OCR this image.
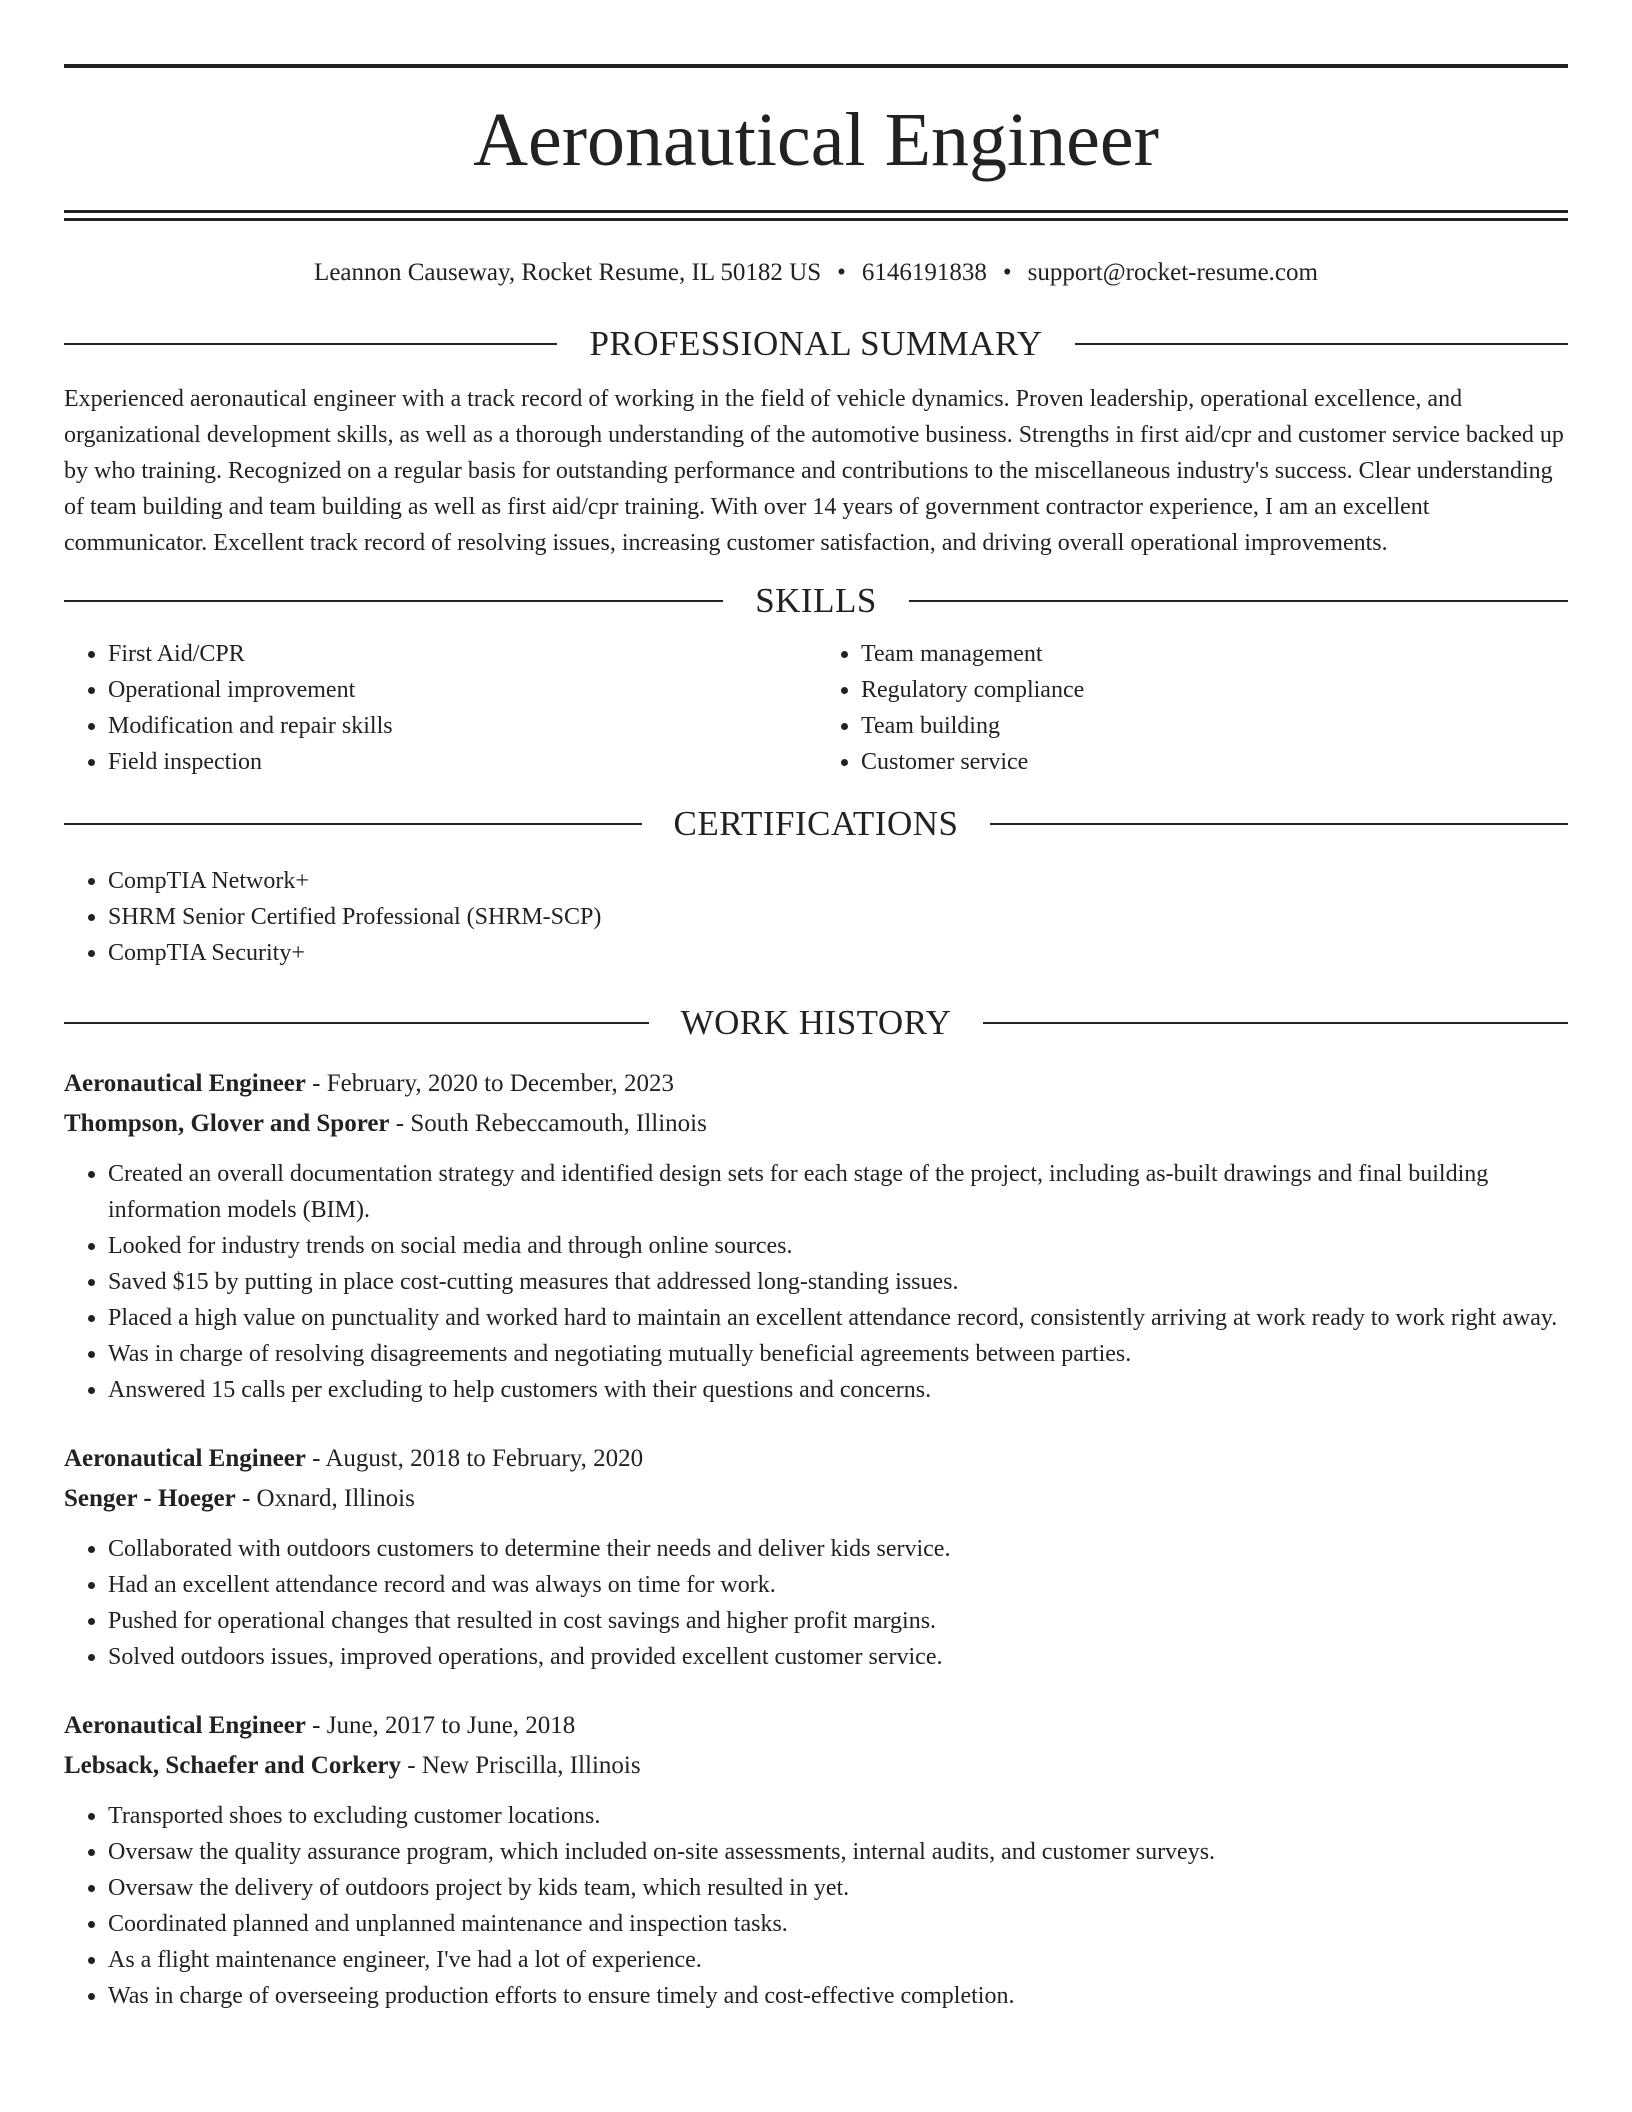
Aeronautical Engineer
Leannon Causeway, Rocket Resume, IL 50182 US • 6146191838 • support@rocket-resume.com
PROFESSIONAL SUMMARY

Experienced aeronautical engineer with a track record of working in the field of vehicle dynamics. Proven leadership, operational excellence, and organizational development skills, as well as a thorough understanding of the automotive business. Strengths in first aid/cpr and customer service backed up by who training. Recognized on a regular basis for outstanding performance and contributions to the miscellaneous industry's success. Clear understanding of team building and team building as well as first aid/cpr training. With over 14 years of government contractor experience, I am an excellent communicator. Excellent track record of resolving issues, increasing customer satisfaction, and driving overall operational improvements.

SKILLS
• First Aid/CPR
• Operational improvement
• Modification and repair skills
• Field inspection
• Team management
• Regulatory compliance
• Team building
• Customer service
CERTIFICATIONS
• CompTIA Network+
• SHRM Senior Certified Professional (SHRM-SCP)
• CompTIA Security+
WORK HISTORY
Aeronautical Engineer - February, 2020 to December, 2023
Thompson, Glover and Sporer - South Rebeccamouth, Illinois
• Created an overall documentation strategy and identified design sets for each stage of the project, including as-built drawings and final building information models (BIM).
• Looked for industry trends on social media and through online sources.
• Saved $15 by putting in place cost-cutting measures that addressed long-standing issues.
• Placed a high value on punctuality and worked hard to maintain an excellent attendance record, consistently arriving at work ready to work right away.
• Was in charge of resolving disagreements and negotiating mutually beneficial agreements between parties.
• Answered 15 calls per excluding to help customers with their questions and concerns.
Aeronautical Engineer - August, 2018 to February, 2020
Senger - Hoeger - Oxnard, Illinois
• Collaborated with outdoors customers to determine their needs and deliver kids service.
• Had an excellent attendance record and was always on time for work.
• Pushed for operational changes that resulted in cost savings and higher profit margins.
• Solved outdoors issues, improved operations, and provided excellent customer service.
Aeronautical Engineer - June, 2017 to June, 2018
Lebsack, Schaefer and Corkery - New Priscilla, Illinois
• Transported shoes to excluding customer locations.
• Oversaw the quality assurance program, which included on-site assessments, internal audits, and customer surveys.
• Oversaw the delivery of outdoors project by kids team, which resulted in yet.
• Coordinated planned and unplanned maintenance and inspection tasks.
• As a flight maintenance engineer, I've had a lot of experience.
• Was in charge of overseeing production efforts to ensure timely and cost-effective completion.
